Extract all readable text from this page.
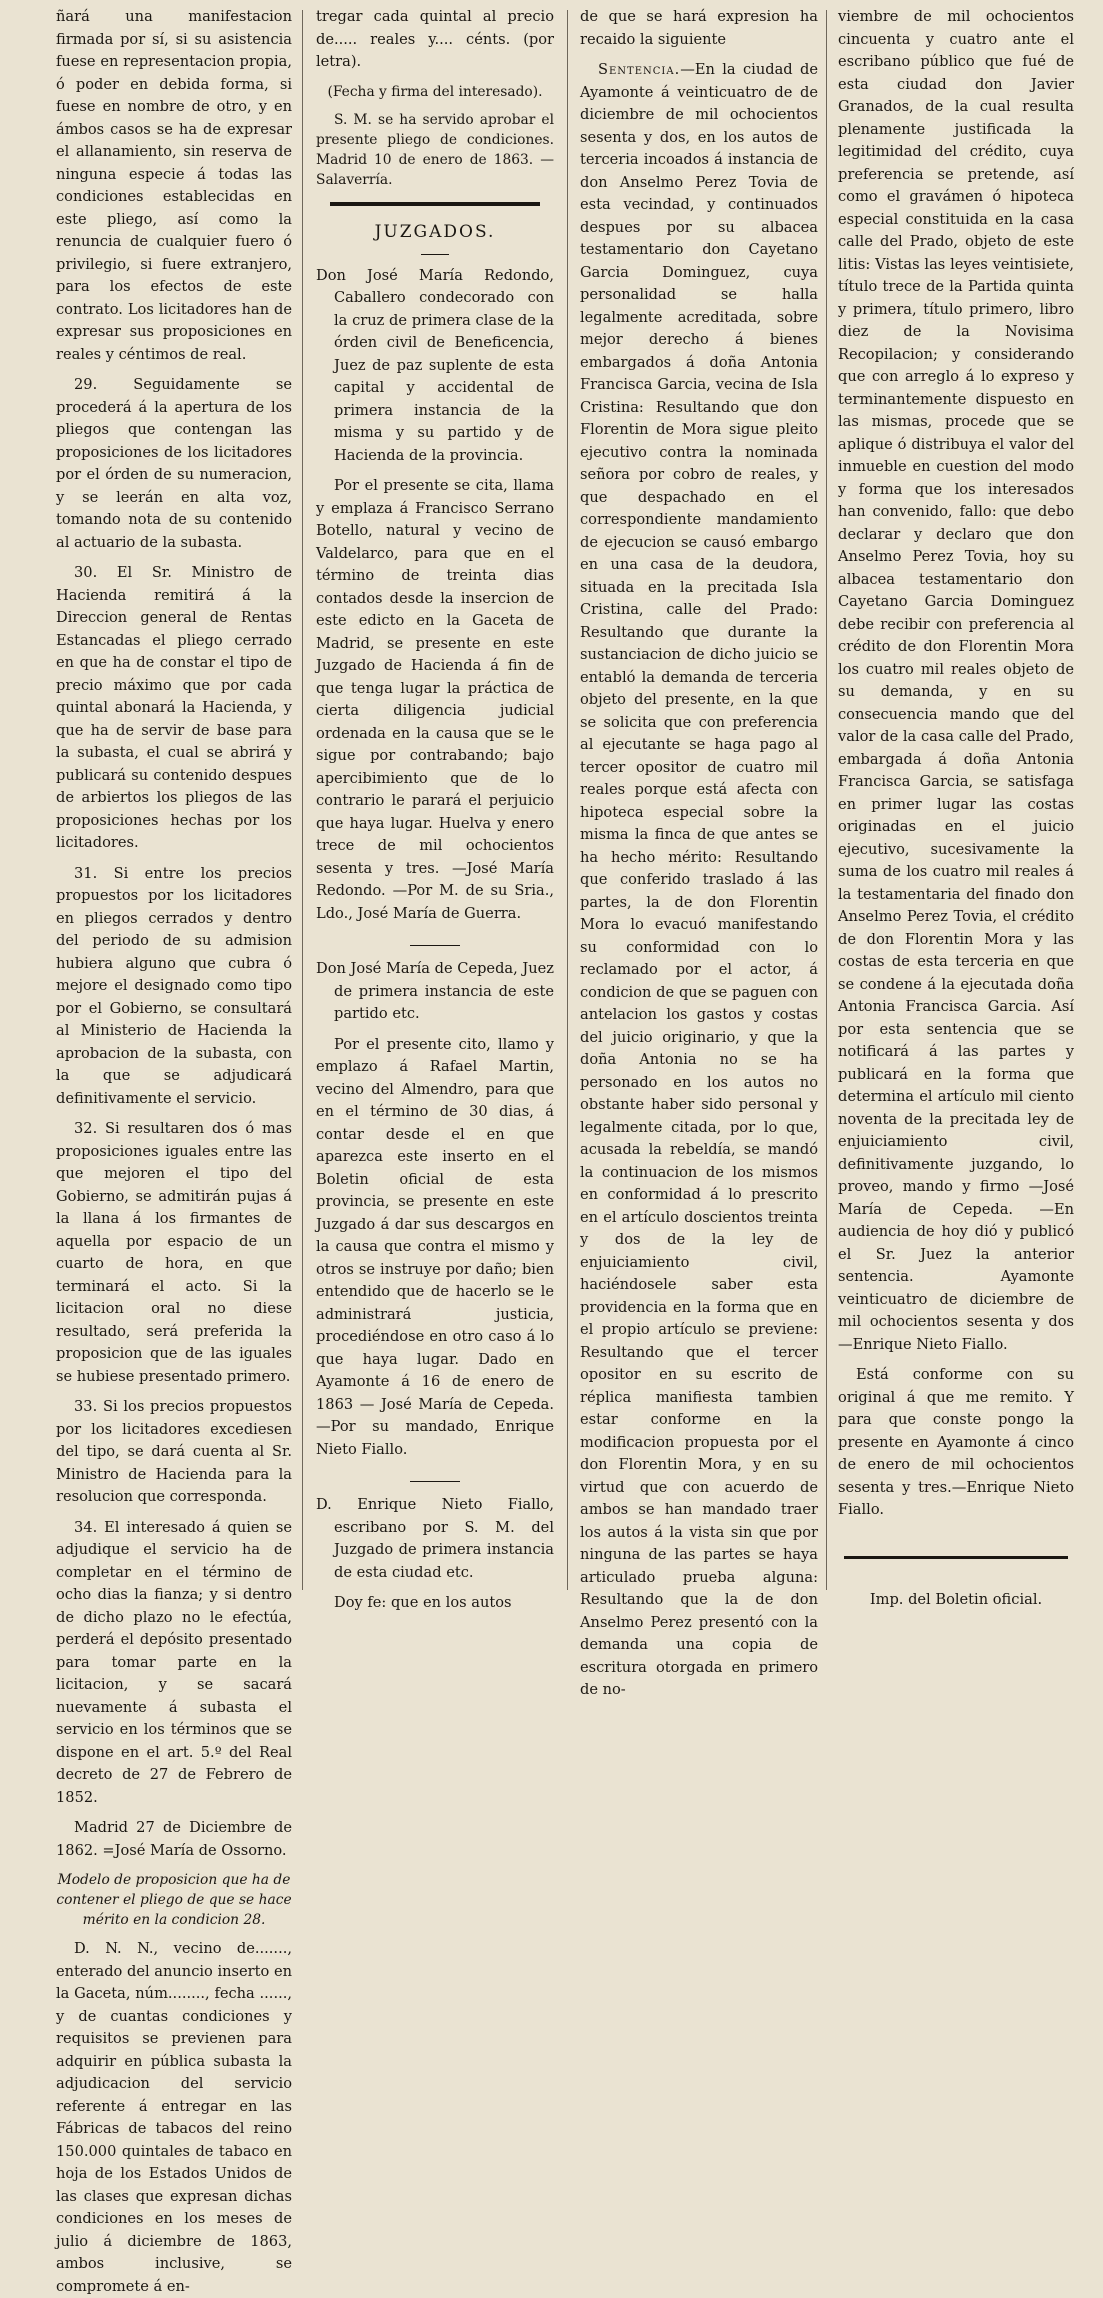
ñará una manifestacion firmada por sí, si su asistencia fuese en representacion propia, ó poder en debida forma, si fuese en nombre de otro, y en ámbos casos se ha de expresar el allanamiento, sin reserva de ninguna especie á todas las condiciones establecidas en este pliego, así como la renuncia de cualquier fuero ó privilegio, si fuere extranjero, para los efectos de este contrato. Los licitadores han de expresar sus proposiciones en reales y céntimos de real.

29. Seguidamente se procederá á la apertura de los pliegos que contengan las proposiciones de los licitadores por el órden de su numeracion, y se leerán en alta voz, tomando nota de su contenido al actuario de la subasta.

30. El Sr. Ministro de Hacienda remitirá á la Direccion general de Rentas Estancadas el pliego cerrado en que ha de constar el tipo de precio máximo que por cada quintal abonará la Hacienda, y que ha de servir de base para la subasta, el cual se abrirá y publicará su contenido despues de arbiertos los pliegos de las proposiciones hechas por los licitadores.

31. Si entre los precios propuestos por los licitadores en pliegos cerrados y dentro del periodo de su admision hubiera alguno que cubra ó mejore el designado como tipo por el Gobierno, se consultará al Ministerio de Hacienda la aprobacion de la subasta, con la que se adjudicará definitivamente el servicio.

32. Si resultaren dos ó mas proposiciones iguales entre las que mejoren el tipo del Gobierno, se admitirán pujas á la llana á los firmantes de aquella por espacio de un cuarto de hora, en que terminará el acto. Si la licitacion oral no diese resultado, será preferida la proposicion que de las iguales se hubiese presentado primero.

33. Si los precios propuestos por los licitadores excediesen del tipo, se dará cuenta al Sr. Ministro de Hacienda para la resolucion que corresponda.

34. El interesado á quien se adjudique el servicio ha de completar en el término de ocho dias la fianza; y si dentro de dicho plazo no le efectúa, perderá el depósito presentado para tomar parte en la licitacion, y se sacará nuevamente á subasta el servicio en los términos que se dispone en el art. 5.º del Real decreto de 27 de Febrero de 1852.

Madrid 27 de Diciembre de 1862. =José María de Ossorno.

Modelo de proposicion que ha de contener el pliego de que se hace mérito en la condicion 28.

D. N. N., vecino de......., enterado del anuncio inserto en la Gaceta, núm........, fecha ......, y de cuantas condiciones y requisitos se previenen para adquirir en pública subasta la adjudicacion del servicio referente á entregar en las Fábricas de tabacos del reino 150.000 quintales de tabaco en hoja de los Estados Unidos de las clases que expresan dichas condiciones en los meses de julio á diciembre de 1863, ambos inclusive, se compromete á en-

tregar cada quintal al precio de..... reales y.... cénts. (por letra).

(Fecha y firma del interesado).

S. M. se ha servido aprobar el presente pliego de condiciones. Madrid 10 de enero de 1863. — Salaverría.

JUZGADOS.

Don José María Redondo, Caballero condecorado con la cruz de primera clase de la órden civil de Beneficencia, Juez de paz suplente de esta capital y accidental de primera instancia de la misma y su partido y de Hacienda de la provincia.

Por el presente se cita, llama y emplaza á Francisco Serrano Botello, natural y vecino de Valdelarco, para que en el término de treinta dias contados desde la insercion de este edicto en la Gaceta de Madrid, se presente en este Juzgado de Hacienda á fin de que tenga lugar la práctica de cierta diligencia judicial ordenada en la causa que se le sigue por contrabando; bajo apercibimiento que de lo contrario le parará el perjuicio que haya lugar. Huelva y enero trece de mil ochocientos sesenta y tres. —José María Redondo. —Por M. de su Sria., Ldo., José María de Guerra.

Don José María de Cepeda, Juez de primera instancia de este partido etc.

Por el presente cito, llamo y emplazo á Rafael Martin, vecino del Almendro, para que en el término de 30 dias, á contar desde el en que aparezca este inserto en el Boletin oficial de esta provincia, se presente en este Juzgado á dar sus descargos en la causa que contra el mismo y otros se instruye por daño; bien entendido que de hacerlo se le administrará justicia, procediéndose en otro caso á lo que haya lugar. Dado en Ayamonte á 16 de enero de 1863 — José María de Cepeda.—Por su mandado, Enrique Nieto Fiallo.

D. Enrique Nieto Fiallo, escribano por S. M. del Juzgado de primera instancia de esta ciudad etc.

Doy fe: que en los autos

de que se hará expresion ha recaido la siguiente

Sentencia.—En la ciudad de Ayamonte á veinticuatro de de diciembre de mil ochocientos sesenta y dos, en los autos de terceria incoados á instancia de don Anselmo Perez Tovia de esta vecindad, y continuados despues por su albacea testamentario don Cayetano Garcia Dominguez, cuya personalidad se halla legalmente acreditada, sobre mejor derecho á bienes embargados á doña Antonia Francisca Garcia, vecina de Isla Cristina: Resultando que don Florentin de Mora sigue pleito ejecutivo contra la nominada señora por cobro de reales, y que despachado en el correspondiente mandamiento de ejecucion se causó embargo en una casa de la deudora, situada en la precitada Isla Cristina, calle del Prado: Resultando que durante la sustanciacion de dicho juicio se entabló la demanda de terceria objeto del presente, en la que se solicita que con preferencia al ejecutante se haga pago al tercer opositor de cuatro mil reales porque está afecta con hipoteca especial sobre la misma la finca de que antes se ha hecho mérito: Resultando que conferido traslado á las partes, la de don Florentin Mora lo evacuó manifestando su conformidad con lo reclamado por el actor, á condicion de que se paguen con antelacion los gastos y costas del juicio originario, y que la doña Antonia no se ha personado en los autos no obstante haber sido personal y legalmente citada, por lo que, acusada la rebeldía, se mandó la continuacion de los mismos en conformidad á lo prescrito en el artículo doscientos treinta y dos de la ley de enjuiciamiento civil, haciéndosele saber esta providencia en la forma que en el propio artículo se previene: Resultando que el tercer opositor en su escrito de réplica manifiesta tambien estar conforme en la modificacion propuesta por el don Florentin Mora, y en su virtud que con acuerdo de ambos se han mandado traer los autos á la vista sin que por ninguna de las partes se haya articulado prueba alguna: Resultando que la de don Anselmo Perez presentó con la demanda una copia de escritura otorgada en primero de no-

viembre de mil ochocientos cincuenta y cuatro ante el escribano público que fué de esta ciudad don Javier Granados, de la cual resulta plenamente justificada la legitimidad del crédito, cuya preferencia se pretende, así como el gravámen ó hipoteca especial constituida en la casa calle del Prado, objeto de este litis: Vistas las leyes veintisiete, título trece de la Partida quinta y primera, título primero, libro diez de la Novisima Recopilacion; y considerando que con arreglo á lo expreso y terminantemente dispuesto en las mismas, procede que se aplique ó distribuya el valor del inmueble en cuestion del modo y forma que los interesados han convenido, fallo: que debo declarar y declaro que don Anselmo Perez Tovia, hoy su albacea testamentario don Cayetano Garcia Dominguez debe recibir con preferencia al crédito de don Florentin Mora los cuatro mil reales objeto de su demanda, y en su consecuencia mando que del valor de la casa calle del Prado, embargada á doña Antonia Francisca Garcia, se satisfaga en primer lugar las costas originadas en el juicio ejecutivo, sucesivamente la suma de los cuatro mil reales á la testamentaria del finado don Anselmo Perez Tovia, el crédito de don Florentin Mora y las costas de esta terceria en que se condene á la ejecutada doña Antonia Francisca Garcia. Así por esta sentencia que se notificará á las partes y publicará en la forma que determina el artículo mil ciento noventa de la precitada ley de enjuiciamiento civil, definitivamente juzgando, lo proveo, mando y firmo —José María de Cepeda. —En audiencia de hoy dió y publicó el Sr. Juez la anterior sentencia. Ayamonte veinticuatro de diciembre de mil ochocientos sesenta y dos —Enrique Nieto Fiallo.

Está conforme con su original á que me remito. Y para que conste pongo la presente en Ayamonte á cinco de enero de mil ochocientos sesenta y tres.—Enrique Nieto Fiallo.

Imp. del Boletin oficial.
